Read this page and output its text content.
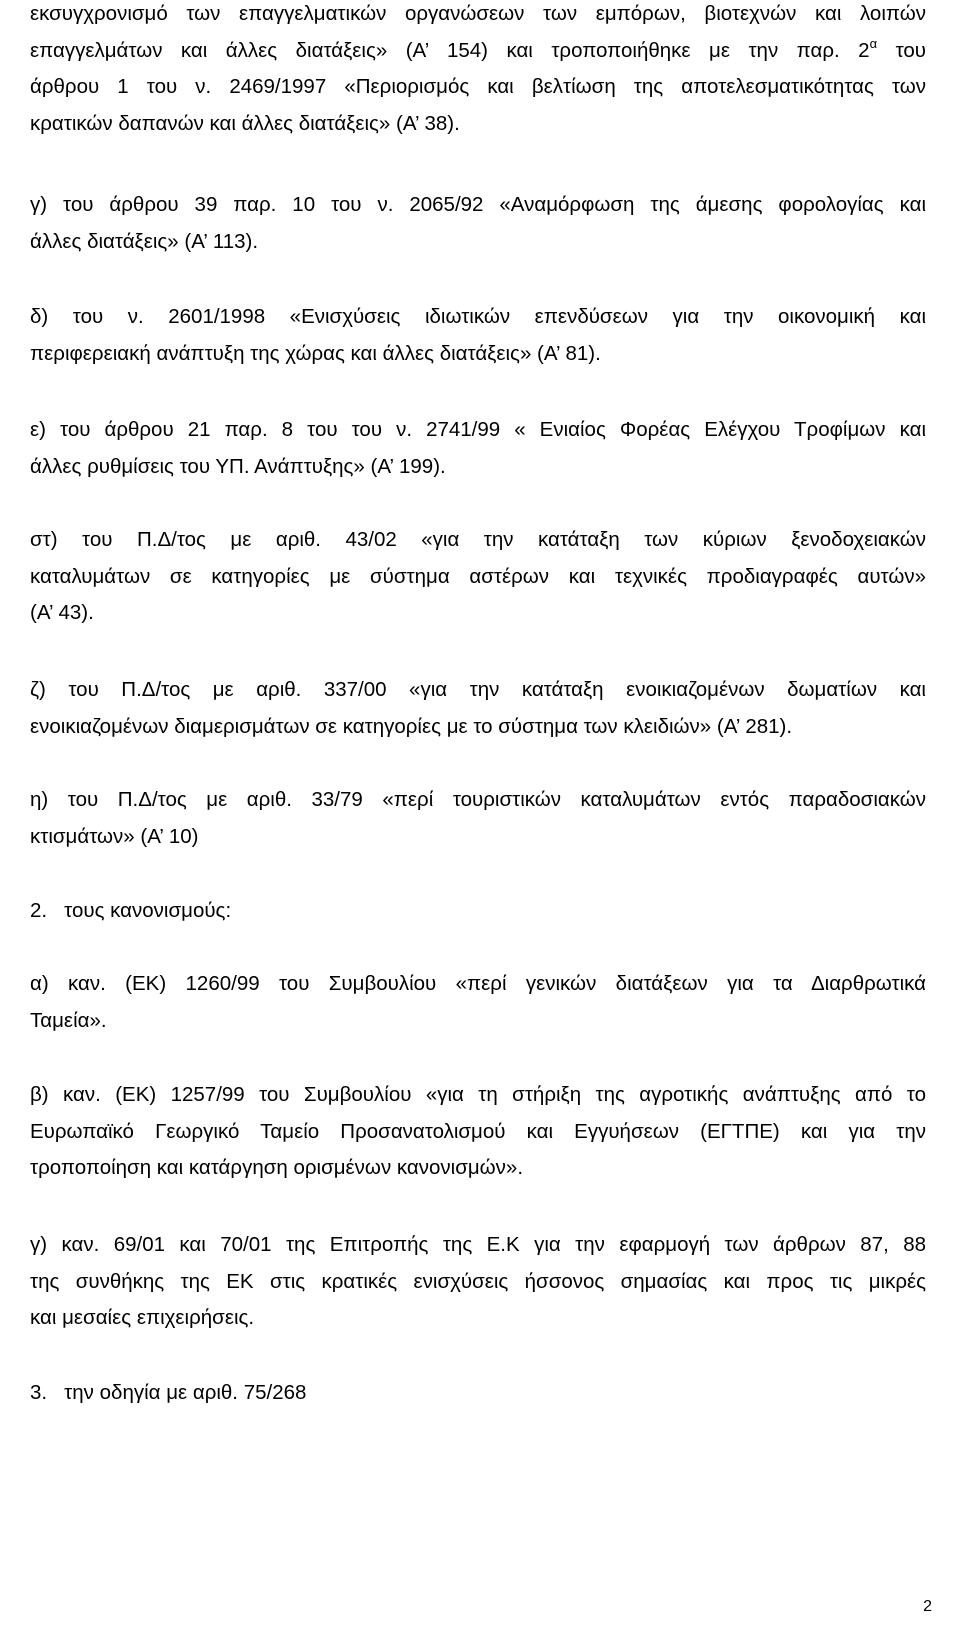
εκσυγχρονισμό των επαγγελματικών οργανώσεων των εμπόρων, βιοτεχνών και λοιπών
επαγγελμάτων και άλλες διατάξεις» (Α’ 154) και τροποποιήθηκε με την παρ. $2^\alpha$ του
άρθρου 1 του ν. 2469/1997 «Περιορισμός και βελτίωση της αποτελεσματικότητας των
κρατικών δαπανών και άλλες διατάξεις» (Α’ 38).
γ) του άρθρου 39 παρ. 10 του ν. 2065/92 «Αναμόρφωση της άμεσης φορολογίας και
άλλες διατάξεις» (Α’ 113).
δ) του ν. 2601/1998 «Ενισχύσεις ιδιωτικών επενδύσεων για την οικονομική και
περιφερειακή ανάπτυξη της χώρας και άλλες διατάξεις» (Α’ 81).
ε) του άρθρου 21 παρ. 8 του του ν. 2741/99 « Ενιαίος Φορέας Ελέγχου Τροφίμων και
άλλες ρυθμίσεις του ΥΠ. Ανάπτυξης» (Α’ 199).
στ) του Π.Δ/τος με αριθ. 43/02 «για την κατάταξη των κύριων ξενοδοχειακών
καταλυμάτων σε κατηγορίες με σύστημα αστέρων και τεχνικές προδιαγραφές αυτών»
(Α’ 43).
ζ) του Π.Δ/τος με αριθ. 337/00 «για την κατάταξη ενοικιαζομένων δωματίων και
ενοικιαζομένων διαμερισμάτων σε κατηγορίες με το σύστημα των κλειδιών» (Α’ 281).
η) του Π.Δ/τος με αριθ. 33/79 «περί τουριστικών καταλυμάτων εντός παραδοσιακών
κτισμάτων» (Α’ 10)
2.   τους κανονισμούς:
α) καν. (ΕΚ) 1260/99 του Συμβουλίου «περί γενικών διατάξεων για τα Διαρθρωτικά
Ταμεία».
β) καν. (ΕΚ) 1257/99 του Συμβουλίου «για τη στήριξη της αγροτικής ανάπτυξης από το
Ευρωπαϊκό Γεωργικό Ταμείο Προσανατολισμού και Εγγυήσεων (ΕΓΤΠΕ) και για την
τροποποίηση και κατάργηση ορισμένων κανονισμών».
γ) καν. 69/01 και 70/01 της Επιτροπής της Ε.Κ για την εφαρμογή των άρθρων 87, 88
της συνθήκης της ΕΚ στις κρατικές ενισχύσεις ήσσονος σημασίας και προς τις μικρές
και μεσαίες επιχειρήσεις.
3.   την οδηγία με αριθ. 75/268
2
